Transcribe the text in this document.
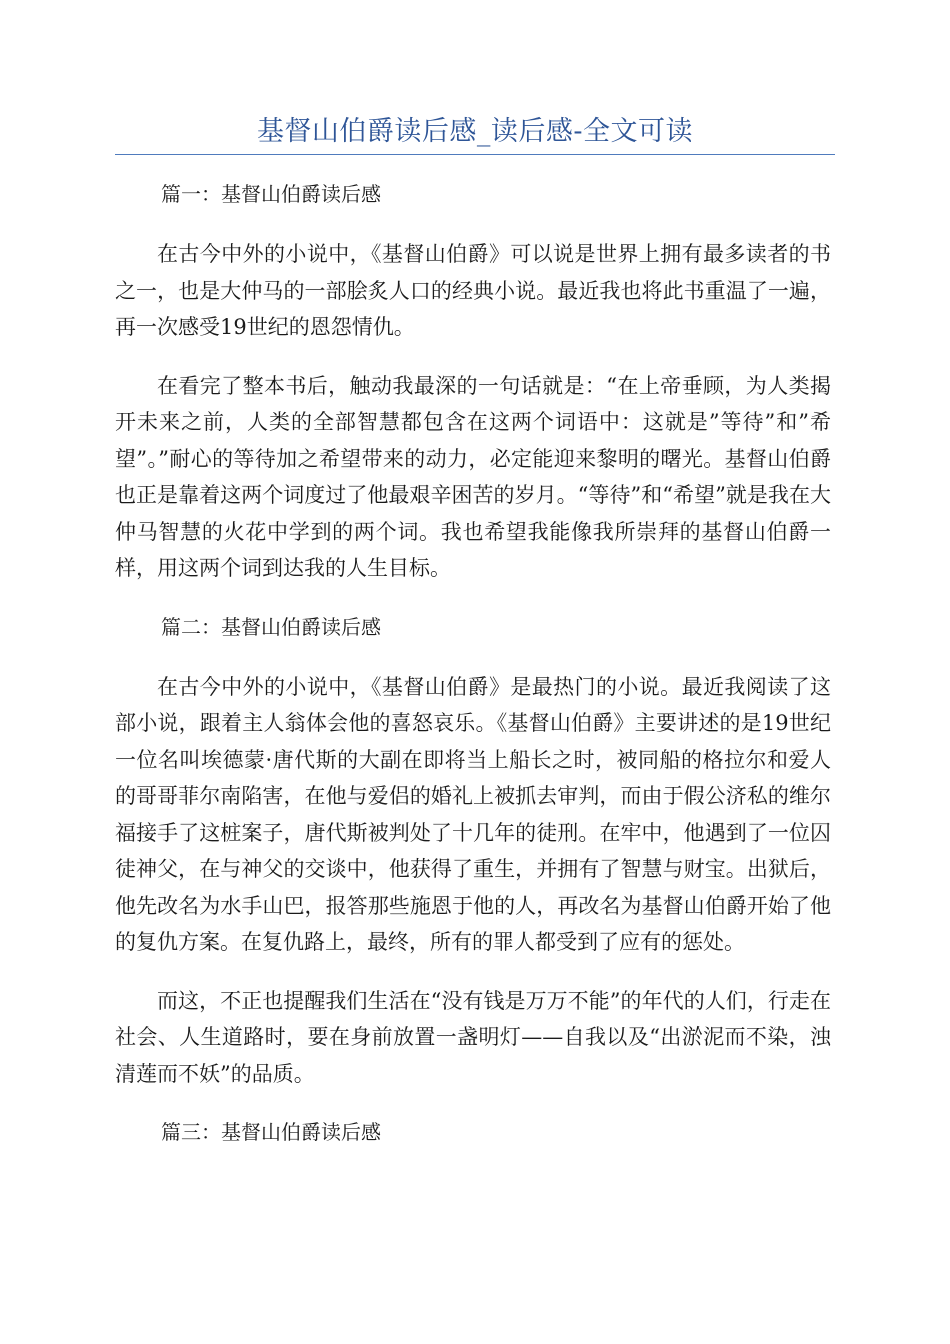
基督山伯爵读后感_读后感-全文可读

篇一：基督山伯爵读后感

在古今中外的小说中，《基督山伯爵》可以说是世界上拥有最多读者的书之一，也是大仲马的一部脍炙人口的经典小说。最近我也将此书重温了一遍，再一次感受19世纪的恩怨情仇。

在看完了整本书后，触动我最深的一句话就是：“在上帝垂顾，为人类揭开未来之前，人类的全部智慧都包含在这两个词语中：这就是”等待”和”希望”。”耐心的等待加之希望带来的动力，必定能迎来黎明的曙光。基督山伯爵也正是靠着这两个词度过了他最艰辛困苦的岁月。“等待”和“希望”就是我在大仲马智慧的火花中学到的两个词。我也希望我能像我所崇拜的基督山伯爵一样，用这两个词到达我的人生目标。

篇二：基督山伯爵读后感

在古今中外的小说中，《基督山伯爵》是最热门的小说。最近我阅读了这部小说，跟着主人翁体会他的喜怒哀乐。《基督山伯爵》主要讲述的是19世纪一位名叫埃德蒙·唐代斯的大副在即将当上船长之时，被同船的格拉尔和爱人的哥哥菲尔南陷害，在他与爱侣的婚礼上被抓去审判，而由于假公济私的维尔福接手了这桩案子，唐代斯被判处了十几年的徒刑。在牢中，他遇到了一位囚徒神父，在与神父的交谈中，他获得了重生，并拥有了智慧与财宝。出狱后，他先改名为水手山巴，报答那些施恩于他的人，再改名为基督山伯爵开始了他的复仇方案。在复仇路上，最终，所有的罪人都受到了应有的惩处。

而这，不正也提醒我们生活在“没有钱是万万不能”的年代的人们，行走在社会、人生道路时，要在身前放置一盏明灯——自我以及“出淤泥而不染，浊清莲而不妖”的品质。

篇三：基督山伯爵读后感
